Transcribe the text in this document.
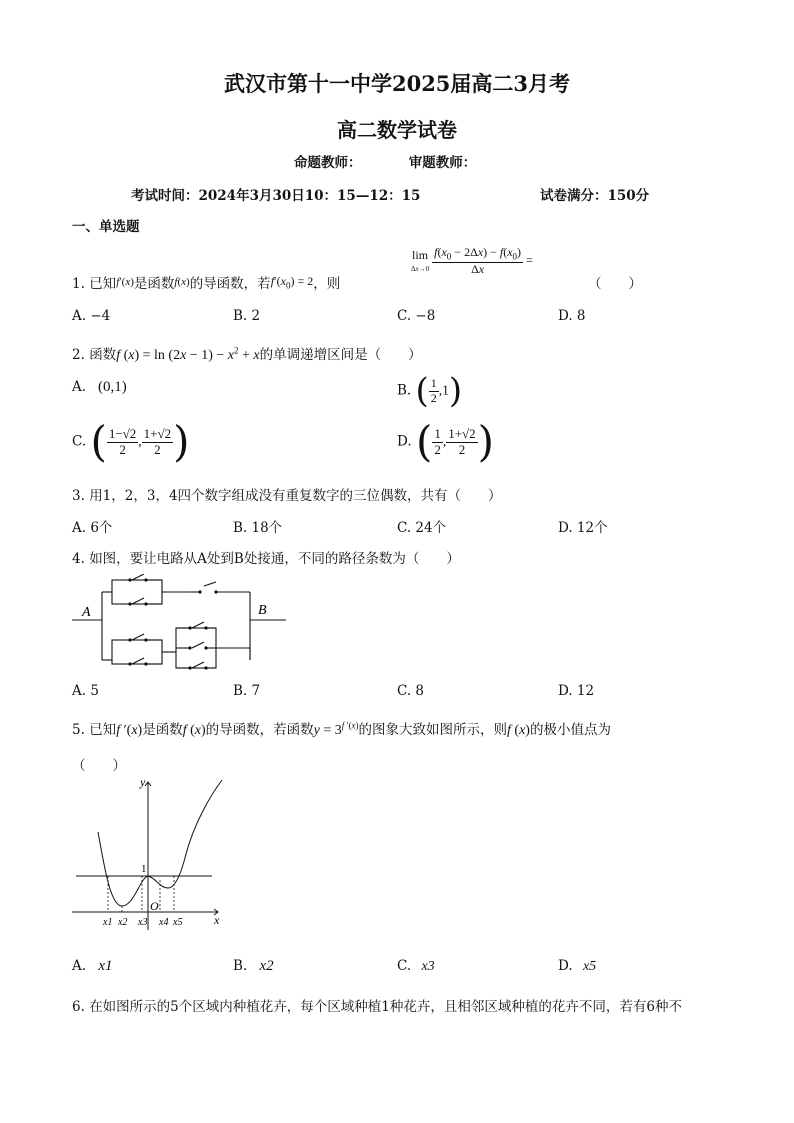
武汉市第十一中学2025届高二3月考
高二数学试卷
命题教师：　　　　审题教师：
考试时间：2024年3月30日10：15—12：15	试卷满分：150分
一、单选题
1. 已知$^{f'(x)}$是函数$^{f(x)}$的导函数，若$f'(x_0) = 2$，则
lim
$\Delta x\to 0 \frac{f(x_0 - 2\Delta x) - f(x_0)}{\Delta x}$ =
（　　）
A. −4	B. 2	C. −8	D. 8
2. 函数f $(x) = \ln (2x - 1) - x^2 + x$的单调递增区间是（　　）
A. (0,1)	B. ( $\frac{1}{2} ,1$)
C. ( $\frac{1-√2}{2}$ , $\frac{1+√2}{2}$ )	D. ( $\frac{1}{2}$ , $\frac{1+√2}{2}$ )
3. 用1，2，3，4四个数字组成没有重复数字的三位偶数，共有（　　）
A. 6个	B. 18个	C. 24个	D. 12个
4. 如图，要让电路从A处到B处接通，不同的路径条数为（　　）
A	B
A. 5	B. 7	C. 8	D. 12
5. 已知f ′(x)是函数f (x)的导函数，若函数$y = 3^{f '(x)}$的图象大致如图所示，则f (x)的极小值点为
（　　）
y
x
1
O
x1 x2 x3 x4 x5
A. x1	B. x2	C. x3	D. x5
6. 在如图所示的5个区域内种植花卉，每个区域种植1种花卉，且相邻区域种植的花卉不同，若有6种不
